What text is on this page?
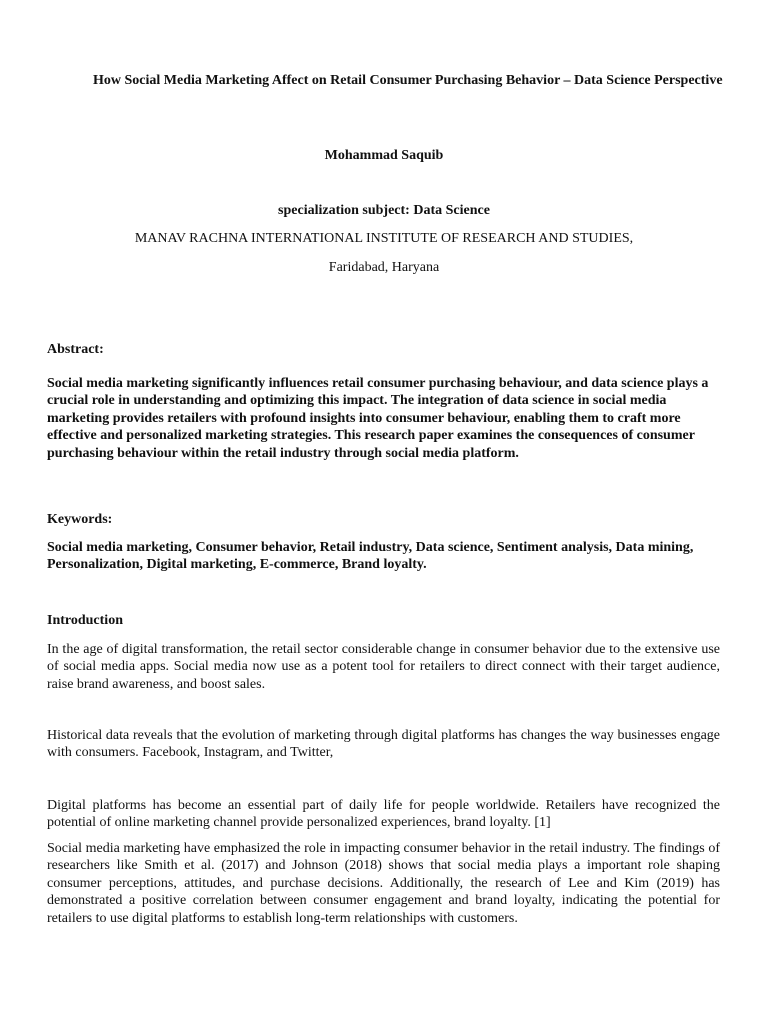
How Social Media Marketing Affect on Retail Consumer Purchasing Behavior – Data Science Perspective
Mohammad Saquib
specialization subject: Data Science
MANAV RACHNA INTERNATIONAL INSTITUTE OF RESEARCH AND STUDIES,
Faridabad, Haryana
Abstract:
Social media marketing significantly influences retail consumer purchasing behaviour, and data science plays a crucial role in understanding and optimizing this impact. The integration of data science in social media marketing provides retailers with profound insights into consumer behaviour, enabling them to craft more effective and personalized marketing strategies. This research paper examines the consequences of consumer purchasing behaviour within the retail industry through social media platform.
Keywords:
Social media marketing, Consumer behavior, Retail industry, Data science, Sentiment analysis, Data mining, Personalization, Digital marketing, E-commerce, Brand loyalty.
Introduction
In the age of digital transformation, the retail sector considerable change in consumer behavior due to the extensive use of social media apps. Social media now use as a potent tool for retailers to direct connect with their target audience, raise brand awareness, and boost sales.
Historical data reveals that the evolution of marketing through digital platforms has changes the way businesses engage with consumers. Facebook, Instagram, and Twitter,
Digital platforms has become an essential part of daily life for people worldwide. Retailers have recognized the potential of online marketing channel provide personalized experiences, brand loyalty. [1]
Social media marketing have emphasized the role in impacting consumer behavior in the retail industry. The findings of researchers like Smith et al. (2017) and Johnson (2018) shows that social media plays a important role shaping consumer perceptions, attitudes, and purchase decisions. Additionally, the research of Lee and Kim (2019) has demonstrated a positive correlation between consumer engagement and brand loyalty, indicating the potential for retailers to use digital platforms to establish long-term relationships with customers.
